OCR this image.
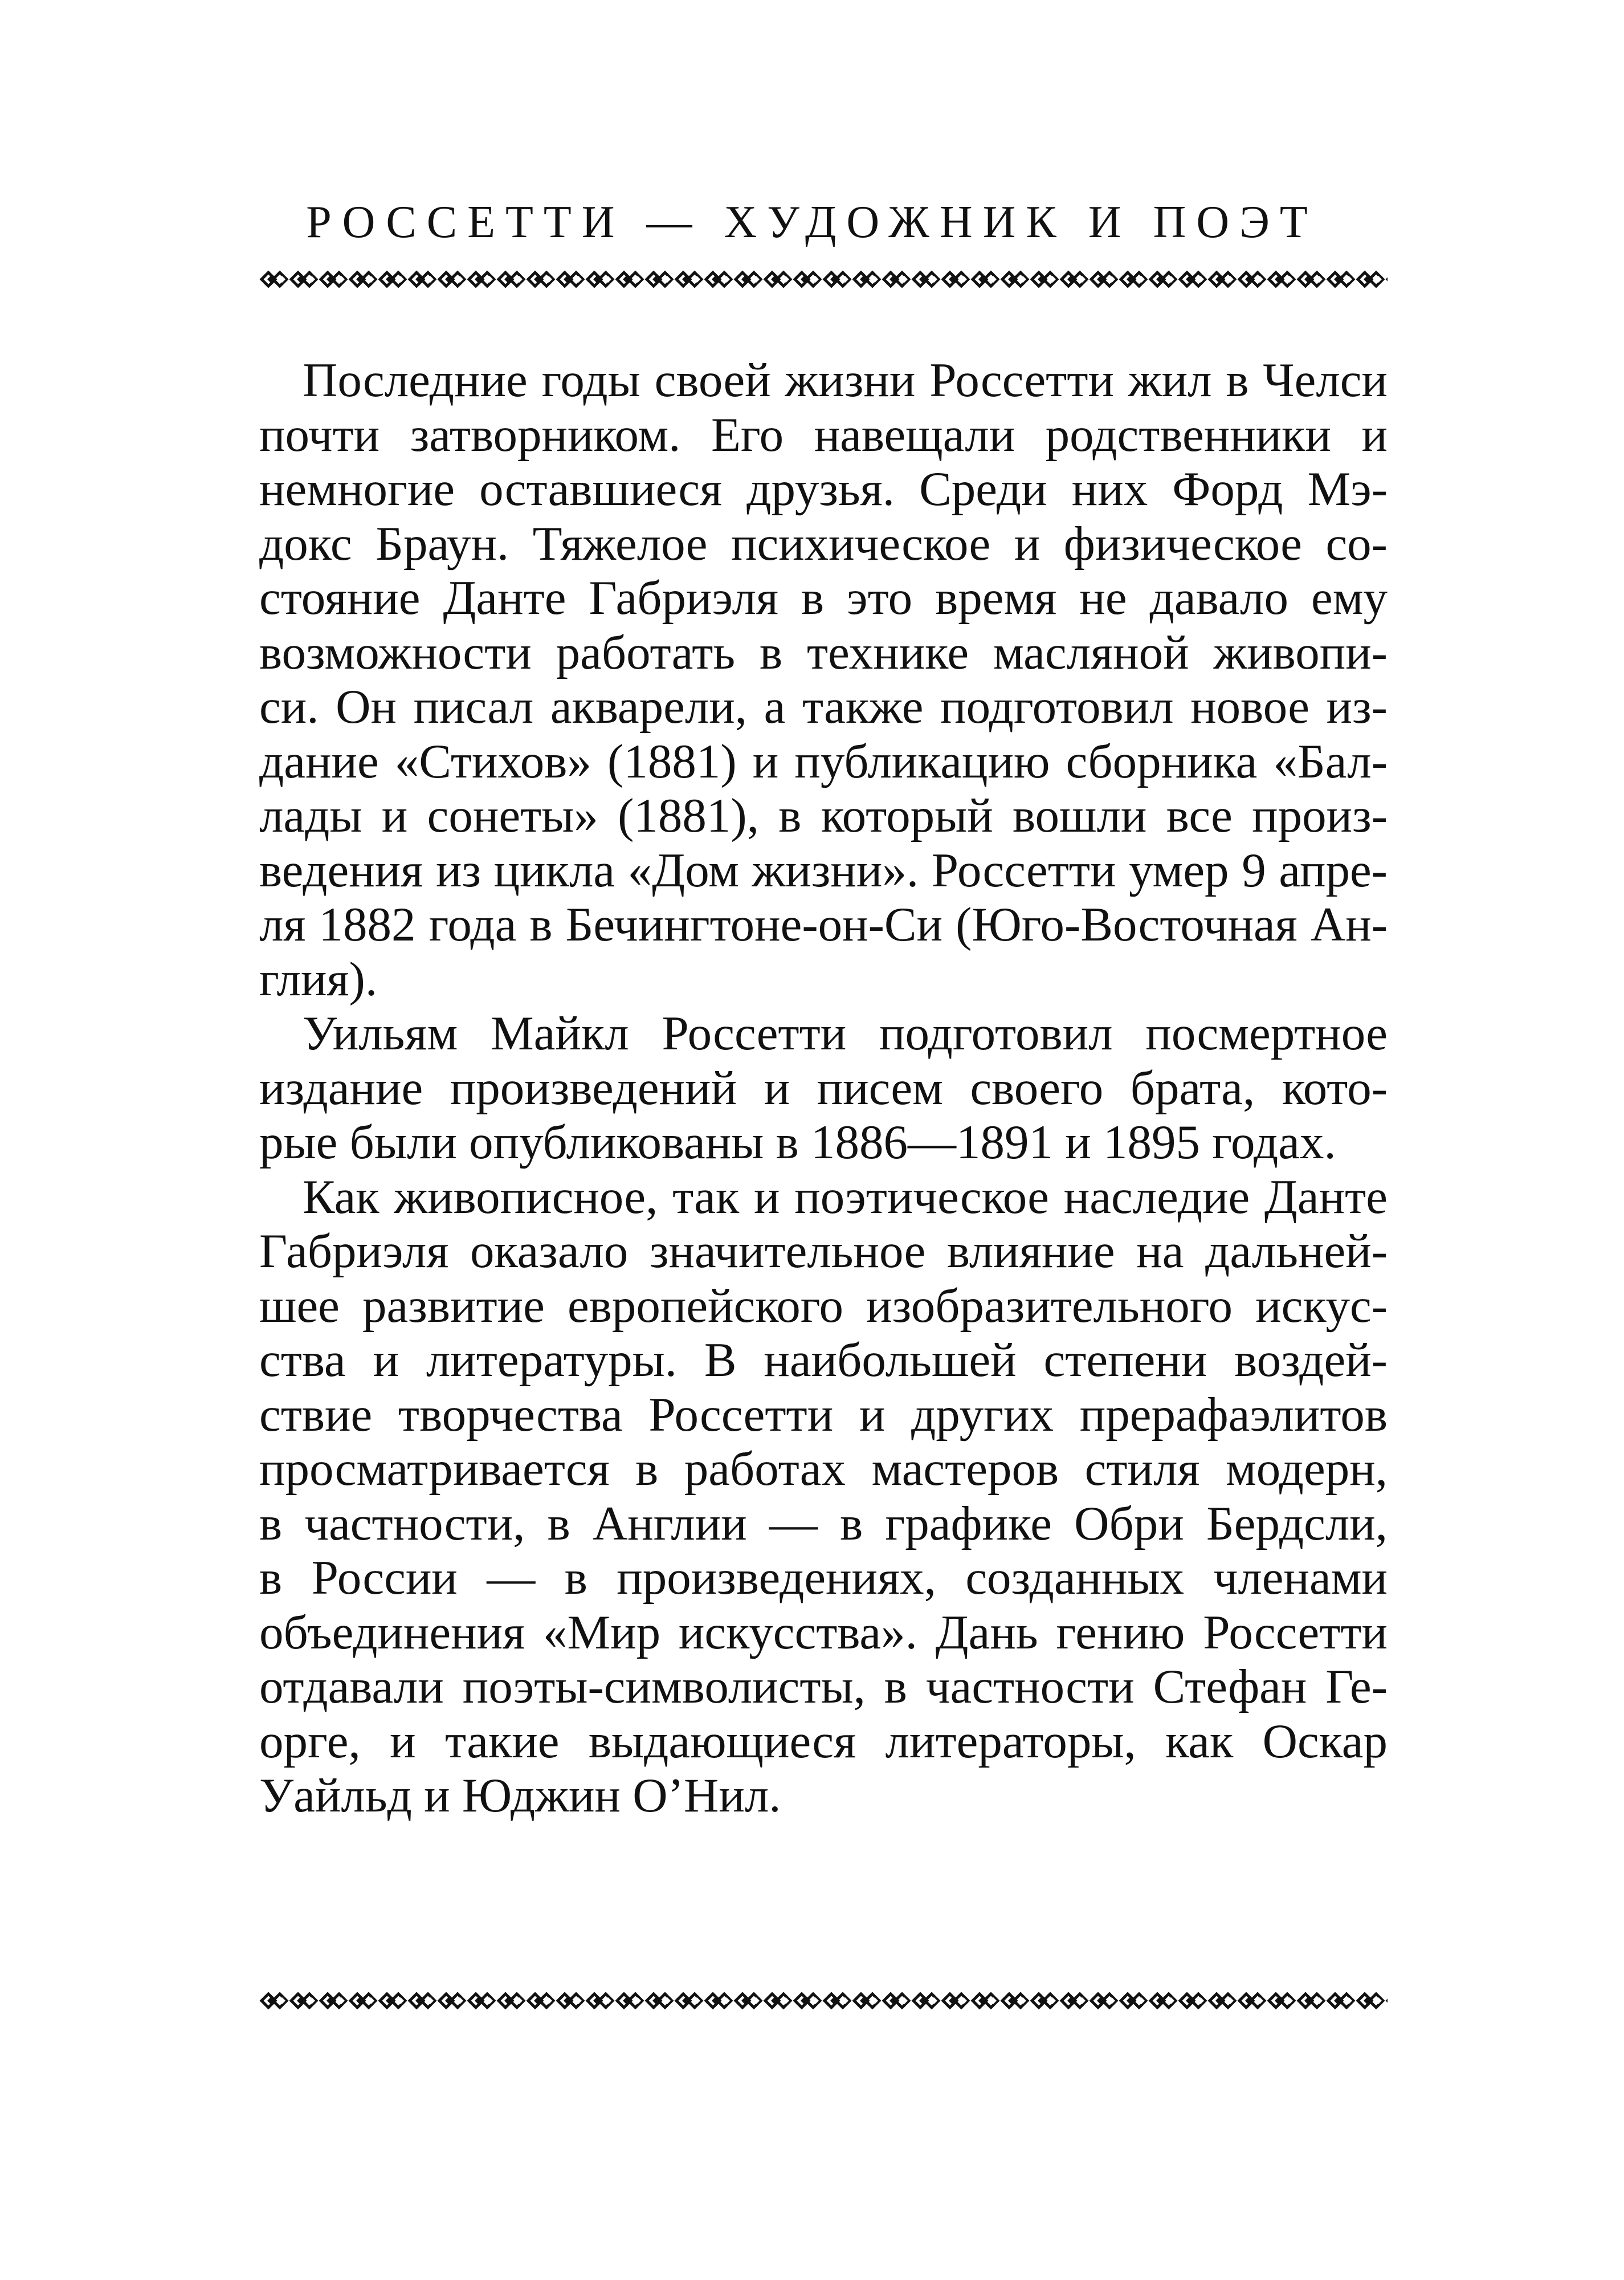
РОССЕТТИ — ХУДОЖНИК И ПОЭТ

Последние годы своей жизни Россетти жил в Челси
почти затворником. Его навещали родственники и
немногие оставшиеся друзья. Среди них Форд Мэ-
докс Браун. Тяжелое психическое и физическое со-
стояние Данте Габриэля в это время не давало ему
возможности работать в технике масляной живопи-
си. Он писал акварели, а также подготовил новое из-
дание «Стихов» (1881) и публикацию сборника «Бал-
лады и сонеты» (1881), в который вошли все произ-
ведения из цикла «Дом жизни». Россетти умер 9 апре-
ля 1882 года в Бечингтоне-он-Си (Юго-Восточная Ан-
глия).

Уильям Майкл Россетти подготовил посмертное
издание произведений и писем своего брата, кото-
рые были опубликованы в 1886—1891 и 1895 годах.

Как живописное, так и поэтическое наследие Данте
Габриэля оказало значительное влияние на дальней-
шее развитие европейского изобразительного искус-
ства и литературы. В наибольшей степени воздей-
ствие творчества Россетти и других прерафаэлитов
просматривается в работах мастеров стиля модерн,
в частности, в Англии — в графике Обри Бердсли,
в России — в произведениях, созданных членами
объединения «Мир искусства». Дань гению Россетти
отдавали поэты-символисты, в частности Стефан Ге-
орге, и такие выдающиеся литераторы, как Оскар
Уайльд и Юджин О’Нил.
